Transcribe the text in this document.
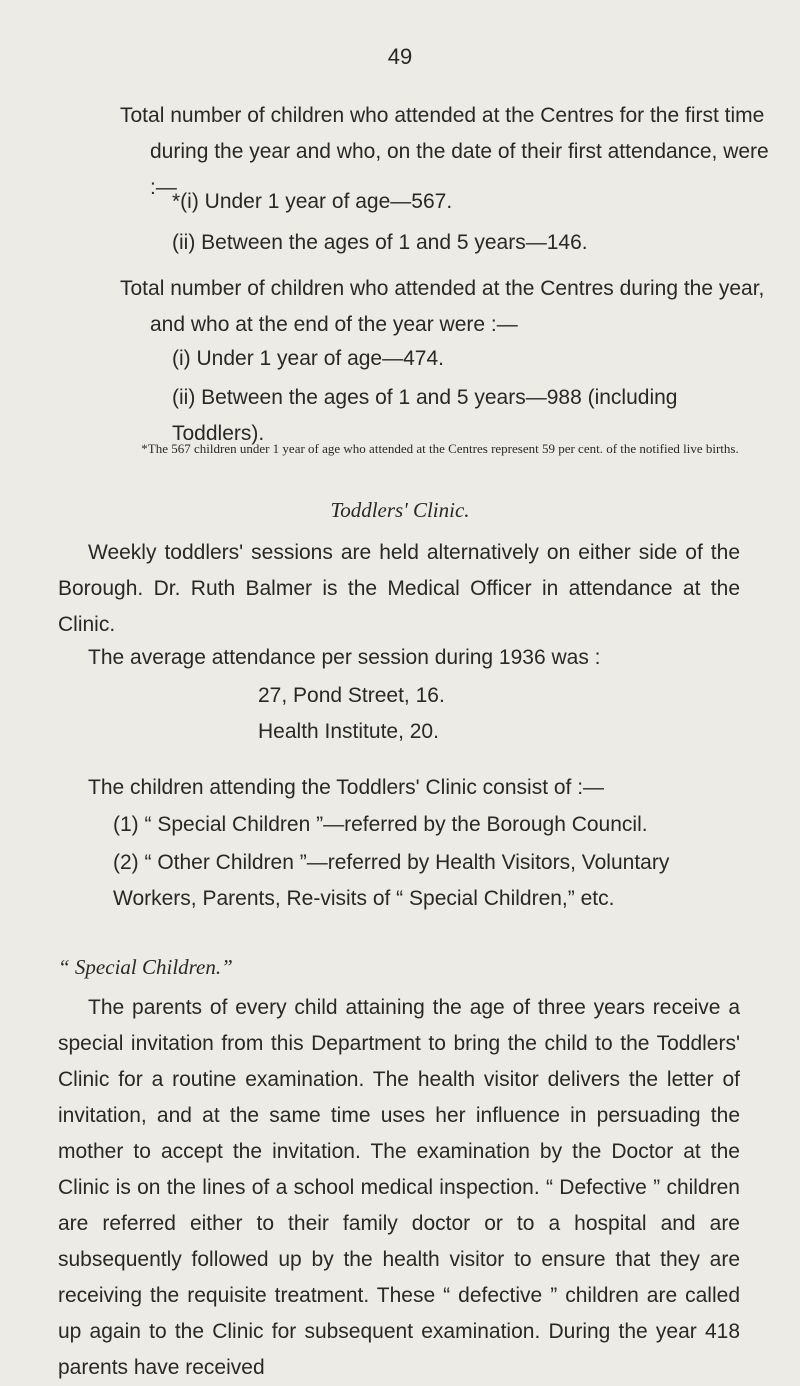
49

Total number of children who attended at the Centres for the first time during the year and who, on the date of their first attendance, were :—

*(i) Under 1 year of age—567.

(ii) Between the ages of 1 and 5 years—146.

Total number of children who attended at the Centres during the year, and who at the end of the year were :—

(i) Under 1 year of age—474.

(ii) Between the ages of 1 and 5 years—988 (including Toddlers).

*The 567 children under 1 year of age who attended at the Centres represent 59 per cent. of the notified live births.

Toddlers' Clinic.

Weekly toddlers' sessions are held alternatively on either side of the Borough. Dr. Ruth Balmer is the Medical Officer in attendance at the Clinic.

The average attendance per session during 1936 was :

27, Pond Street, 16.

Health Institute, 20.

The children attending the Toddlers' Clinic consist of :—

(1) “ Special Children ”—referred by the Borough Council.

(2) “ Other Children ”—referred by Health Visitors, Voluntary Workers, Parents, Re-visits of “ Special Children,” etc.

“ Special Children.”

The parents of every child attaining the age of three years receive a special invitation from this Department to bring the child to the Toddlers' Clinic for a routine examination. The health visitor delivers the letter of invitation, and at the same time uses her influence in persuading the mother to accept the invitation. The examination by the Doctor at the Clinic is on the lines of a school medical inspection. “ Defective ” children are referred either to their family doctor or to a hospital and are subsequently followed up by the health visitor to ensure that they are receiving the requisite treatment. These “ defective ” children are called up again to the Clinic for subsequent examination. During the year 418 parents have received
